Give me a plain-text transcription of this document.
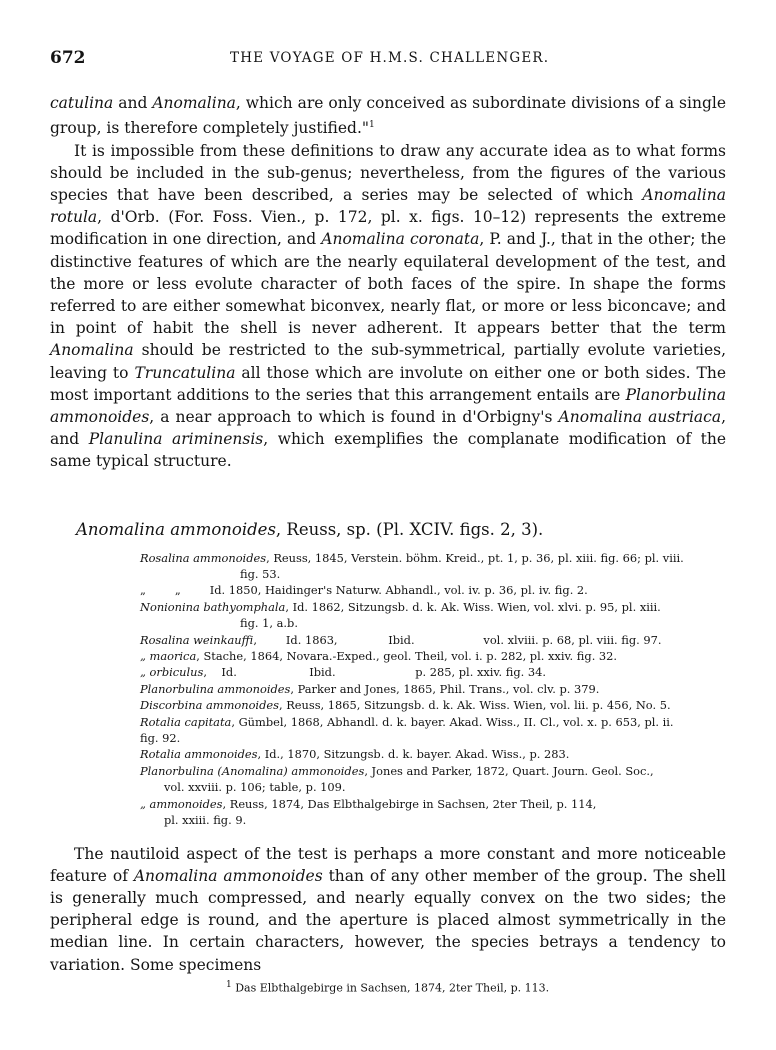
672	THE VOYAGE OF H.M.S. CHALLENGER.

catulina and Anomalina, which are only conceived as subordinate divisions of a single group, is therefore completely justified."$^1$

It is impossible from these definitions to draw any accurate idea as to what forms should be included in the sub-genus; nevertheless, from the figures of the various species that have been described, a series may be selected of which Anomalina rotula, d'Orb. (For. Foss. Vien., p. 172, pl. x. figs. 10–12) represents the extreme modification in one direction, and Anomalina coronata, P. and J., that in the other; the distinctive features of which are the nearly equilateral development of the test, and the more or less evolute character of both faces of the spire. In shape the forms referred to are either somewhat biconvex, nearly flat, or more or less biconcave; and in point of habit the shell is never adherent. It appears better that the term Anomalina should be restricted to the sub-symmetrical, partially evolute varieties, leaving to Truncatulina all those which are involute on either one or both sides. The most important additions to the series that this arrangement entails are Planorbulina ammonoides, a near approach to which is found in d'Orbigny's Anomalina austriaca, and Planulina ariminensis, which exemplifies the complanate modification of the same typical structure.

Anomalina ammonoides, Reuss, sp. (Pl. XCIV. figs. 2, 3).
Rosalina ammonoides, Reuss, 1845, Verstein. böhm. Kreid., pt. 1, p. 36, pl. xiii. fig. 66; pl. viii.
fig. 53.
„        „        Id. 1850, Haidinger's Naturw. Abhandl., vol. iv. p. 36, pl. iv. fig. 2.
Nonionina bathyomphala, Id. 1862, Sitzungsb. d. k. Ak. Wiss. Wien, vol. xlvi. p. 95, pl. xiii.
fig. 1, a.b.
Rosalina weinkauffi,        Id. 1863,              Ibid.                   vol. xlviii. p. 68, pl. viii. fig. 97.
„ maorica, Stache, 1864, Novara.-Exped., geol. Theil, vol. i. p. 282, pl. xxiv. fig. 32.
„ orbiculus,    Id.                    Ibid.                      p. 285, pl. xxiv. fig. 34.
Planorbulina ammonoides, Parker and Jones, 1865, Phil. Trans., vol. clv. p. 379.
Discorbina ammonoides, Reuss, 1865, Sitzungsb. d. k. Ak. Wiss. Wien, vol. lii. p. 456, No. 5.
Rotalia capitata, Gümbel, 1868, Abhandl. d. k. bayer. Akad. Wiss., II. Cl., vol. x. p. 653, pl. ii.
fig. 92.
Rotalia ammonoides, Id., 1870, Sitzungsb. d. k. bayer. Akad. Wiss., p. 283.
Planorbulina (Anomalina) ammonoides, Jones and Parker, 1872, Quart. Journ. Geol. Soc.,
vol. xxviii. p. 106; table, p. 109.
„ ammonoides, Reuss, 1874, Das Elbthalgebirge in Sachsen, 2ter Theil, p. 114,
pl. xxiii. fig. 9.

The nautiloid aspect of the test is perhaps a more constant and more noticeable feature of Anomalina ammonoides than of any other member of the group. The shell is generally much compressed, and nearly equally convex on the two sides; the peripheral edge is round, and the aperture is placed almost symmetrically in the median line. In certain characters, however, the species betrays a tendency to variation. Some specimens

$^1$ Das Elbthalgebirge in Sachsen, 1874, 2ter Theil, p. 113.
